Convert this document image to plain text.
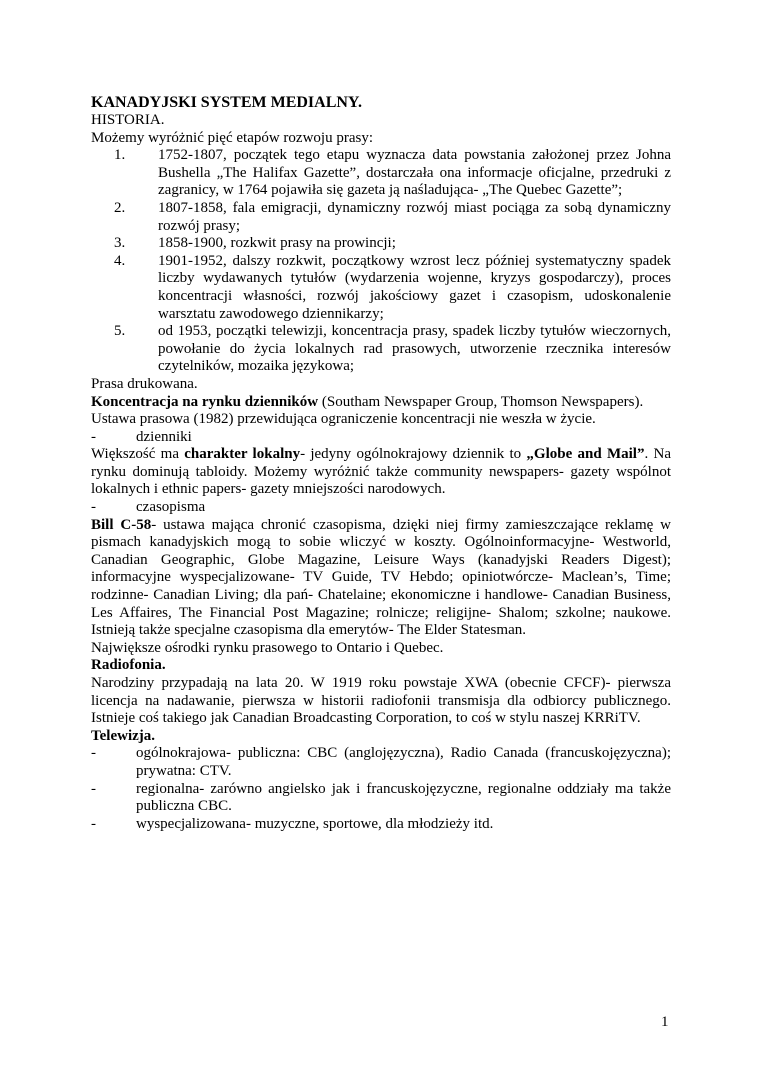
KANADYJSKI SYSTEM MEDIALNY.

HISTORIA.

Możemy wyróżnić pięć etapów rozwoju prasy:

1. 1752-1807, początek tego etapu wyznacza data powstania założonej przez Johna Bushella „The Halifax Gazette”, dostarczała ona informacje oficjalne, przedruki z zagranicy, w 1764 pojawiła się gazeta ją naśladująca- „The Quebec Gazette”;
2. 1807-1858, fala emigracji, dynamiczny rozwój miast pociąga za sobą dynamiczny rozwój prasy;
3. 1858-1900, rozkwit prasy na prowincji;
4. 1901-1952, dalszy rozkwit, początkowy wzrost lecz później systematyczny spadek liczby wydawanych tytułów (wydarzenia wojenne, kryzys gospodarczy), proces koncentracji własności, rozwój jakościowy gazet i czasopism, udoskonalenie warsztatu zawodowego dziennikarzy;
5. od 1953, początki telewizji, koncentracja prasy, spadek liczby tytułów wieczornych, powołanie do życia lokalnych rad prasowych, utworzenie rzecznika interesów czytelników, mozaika językowa;

Prasa drukowana.

Koncentracja na rynku dzienników (Southam Newspaper Group, Thomson Newspapers).

Ustawa prasowa (1982) przewidująca ograniczenie koncentracji nie weszła w życie.

-	dzienniki

Większość ma charakter lokalny- jedyny ogólnokrajowy dziennik to „Globe and Mail”. Na rynku dominują tabloidy. Możemy wyróżnić także community newspapers- gazety wspólnot lokalnych i ethnic papers- gazety mniejszości narodowych.

-	czasopisma

Bill C-58- ustawa mająca chronić czasopisma, dzięki niej firmy zamieszczające reklamę w pismach kanadyjskich mogą to sobie wliczyć w koszty. Ogólnoinformacyjne- Westworld, Canadian Geographic, Globe Magazine, Leisure Ways (kanadyjski Readers Digest); informacyjne wyspecjalizowane- TV Guide, TV Hebdo; opiniotwórcze- Maclean’s, Time; rodzinne- Canadian Living; dla pań- Chatelaine; ekonomiczne i handlowe- Canadian Business, Les Affaires, The Financial Post Magazine; rolnicze; religijne- Shalom; szkolne; naukowe. Istnieją także specjalne czasopisma dla emerytów- The Elder Statesman.

Największe ośrodki rynku prasowego to Ontario i Quebec.

Radiofonia.

Narodziny przypadają na lata 20. W 1919 roku powstaje XWA (obecnie CFCF)- pierwsza licencja na nadawanie, pierwsza w historii radiofonii transmisja dla odbiorcy publicznego. Istnieje coś takiego jak Canadian Broadcasting Corporation, to coś w stylu naszej KRRiTV.

Telewizja.

-	ogólnokrajowa- publiczna: CBC (anglojęzyczna), Radio Canada (francuskojęzyczna); prywatna: CTV.
-	regionalna- zarówno angielsko jak i francuskojęzyczne, regionalne oddziały ma także publiczna CBC.
-	wyspecjalizowana- muzyczne, sportowe, dla młodzieży itd.
1
